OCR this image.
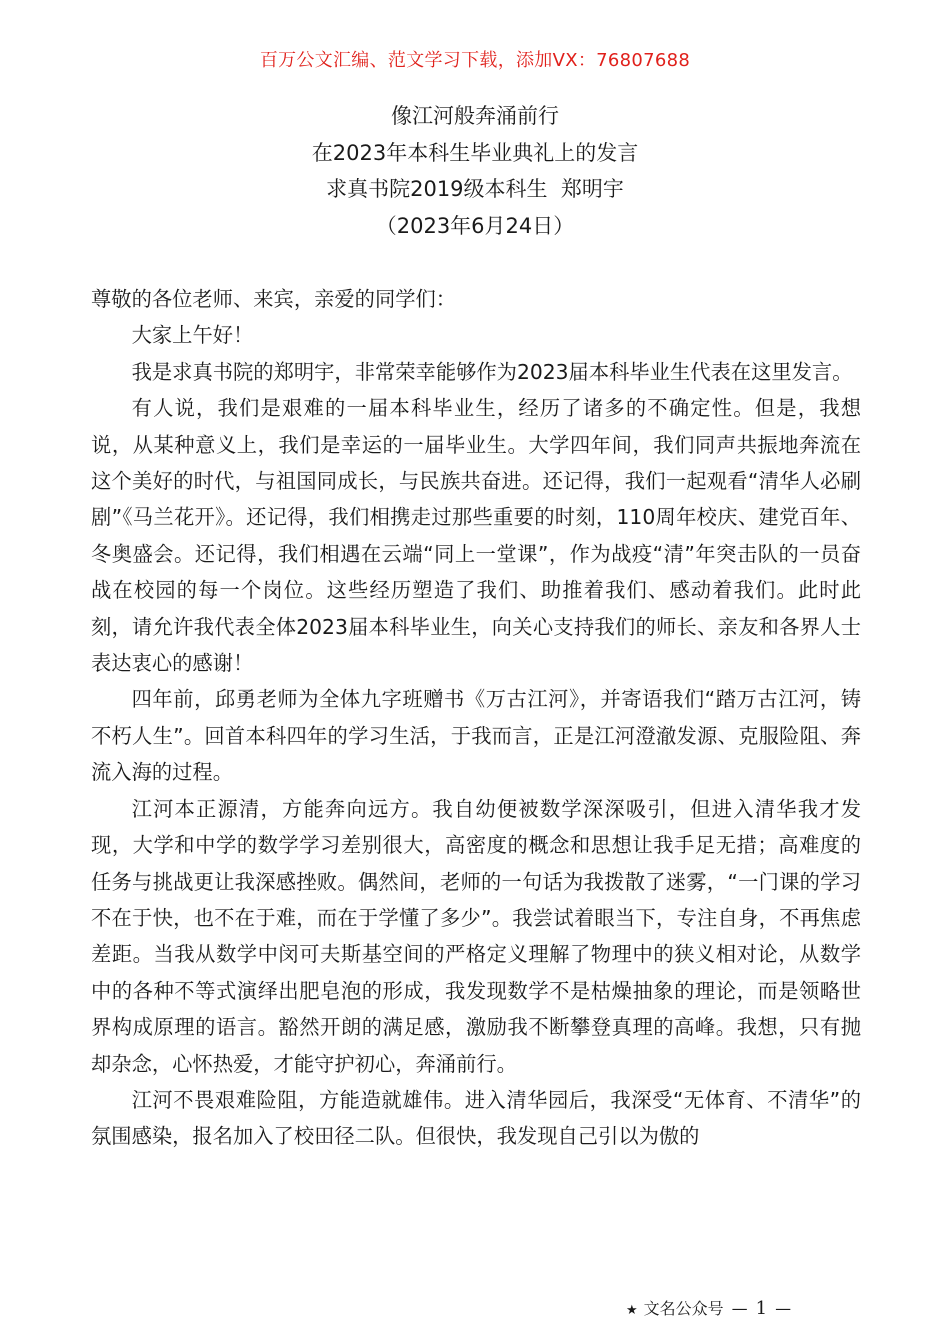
百万公文汇编、范文学习下载，添加VX：76807688
像江河般奔涌前行
在2023年本科生毕业典礼上的发言
求真书院2019级本科生  郑明宇
（2023年6月24日）

尊敬的各位老师、来宾，亲爱的同学们：

大家上午好！

我是求真书院的郑明宇，非常荣幸能够作为2023届本科毕业生代表在这里发言。

有人说，我们是艰难的一届本科毕业生，经历了诸多的不确定性。但是，我想说，从某种意义上，我们是幸运的一届毕业生。大学四年间，我们同声共振地奔流在这个美好的时代，与祖国同成长，与民族共奋进。还记得，我们一起观看“清华人必刷剧”《马兰花开》。还记得，我们相携走过那些重要的时刻，110周年校庆、建党百年、冬奥盛会。还记得，我们相遇在云端“同上一堂课”，作为战疫“清”年突击队的一员奋战在校园的每一个岗位。这些经历塑造了我们、助推着我们、感动着我们。此时此刻，请允许我代表全体2023届本科毕业生，向关心支持我们的师长、亲友和各界人士表达衷心的感谢！

四年前，邱勇老师为全体九字班赠书《万古江河》，并寄语我们“踏万古江河，铸不朽人生”。回首本科四年的学习生活，于我而言，正是江河澄澈发源、克服险阻、奔流入海的过程。

江河本正源清，方能奔向远方。我自幼便被数学深深吸引，但进入清华我才发现，大学和中学的数学学习差别很大，高密度的概念和思想让我手足无措；高难度的任务与挑战更让我深感挫败。偶然间，老师的一句话为我拨散了迷雾，“一门课的学习不在于快，也不在于难，而在于学懂了多少”。我尝试着眼当下，专注自身，不再焦虑差距。当我从数学中闵可夫斯基空间的严格定义理解了物理中的狭义相对论，从数学中的各种不等式演绎出肥皂泡的形成，我发现数学不是枯燥抽象的理论，而是领略世界构成原理的语言。豁然开朗的满足感，激励我不断攀登真理的高峰。我想，只有抛却杂念，心怀热爱，才能守护初心，奔涌前行。

江河不畏艰难险阻，方能造就雄伟。进入清华园后，我深受“无体育、不清华”的氛围感染，报名加入了校田径二队。但很快，我发现自己引以为傲的

★ 文名公众号 — 1 —
